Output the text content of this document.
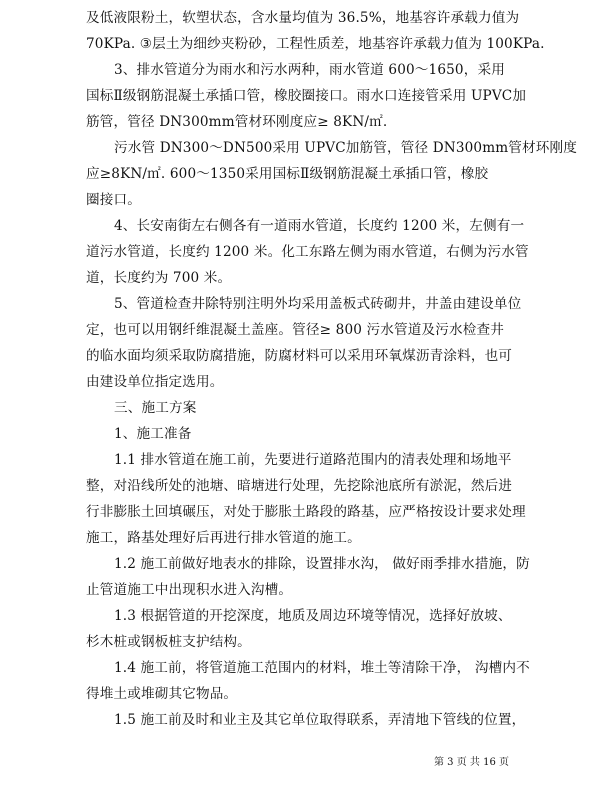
及低液限粉土，软塑状态，含水量均值为 36.5%，地基容许承载力值为
70KPa. ③层土为细纱夹粉砂，工程性质差，地基容许承载力值为 100KPa.
3、排水管道分为雨水和污水两种，雨水管道 600～1650，采用
国标Ⅱ级钢筋混凝土承插口管，橡胶圈接口。雨水口连接管采用 UPVC加
筋管，管径 DN300mm管材环刚度应≥ 8KN/㎡.
污水管 DN300～DN500采用 UPVC加筋管，管径 DN300mm管材环刚度
应≥8KN/㎡. 600～1350采用国标Ⅱ级钢筋混凝土承插口管，橡胶
圈接口。
4、长安南街左右侧各有一道雨水管道，长度约 1200 米，左侧有一
道污水管道，长度约 1200 米。化工东路左侧为雨水管道，右侧为污水管
道，长度约为 700 米。
5、管道检查井除特别注明外均采用盖板式砖砌井，井盖由建设单位
定，也可以用钢纤维混凝土盖座。管径≥ 800 污水管道及污水检查井
的临水面均须采取防腐措施，防腐材料可以采用环氧煤沥青涂料，也可
由建设单位指定选用。
三、施工方案
1、施工准备
1.1 排水管道在施工前，先要进行道路范围内的清表处理和场地平
整，对沿线所处的池塘、暗塘进行处理，先挖除池底所有淤泥，然后进
行非膨胀土回填碾压，对处于膨胀土路段的路基，应严格按设计要求处理
施工，路基处理好后再进行排水管道的施工。
1.2 施工前做好地表水的排除，设置排水沟， 做好雨季排水措施，防
止管道施工中出现积水进入沟槽。
1.3 根据管道的开挖深度，地质及周边环境等情况，选择好放坡、
杉木桩或钢板桩支护结构。
1.4 施工前，将管道施工范围内的材料，堆土等清除干净， 沟槽内不
得堆土或堆砌其它物品。
1.5 施工前及时和业主及其它单位取得联系，弄清地下管线的位置，
第 3 页 共 16 页
